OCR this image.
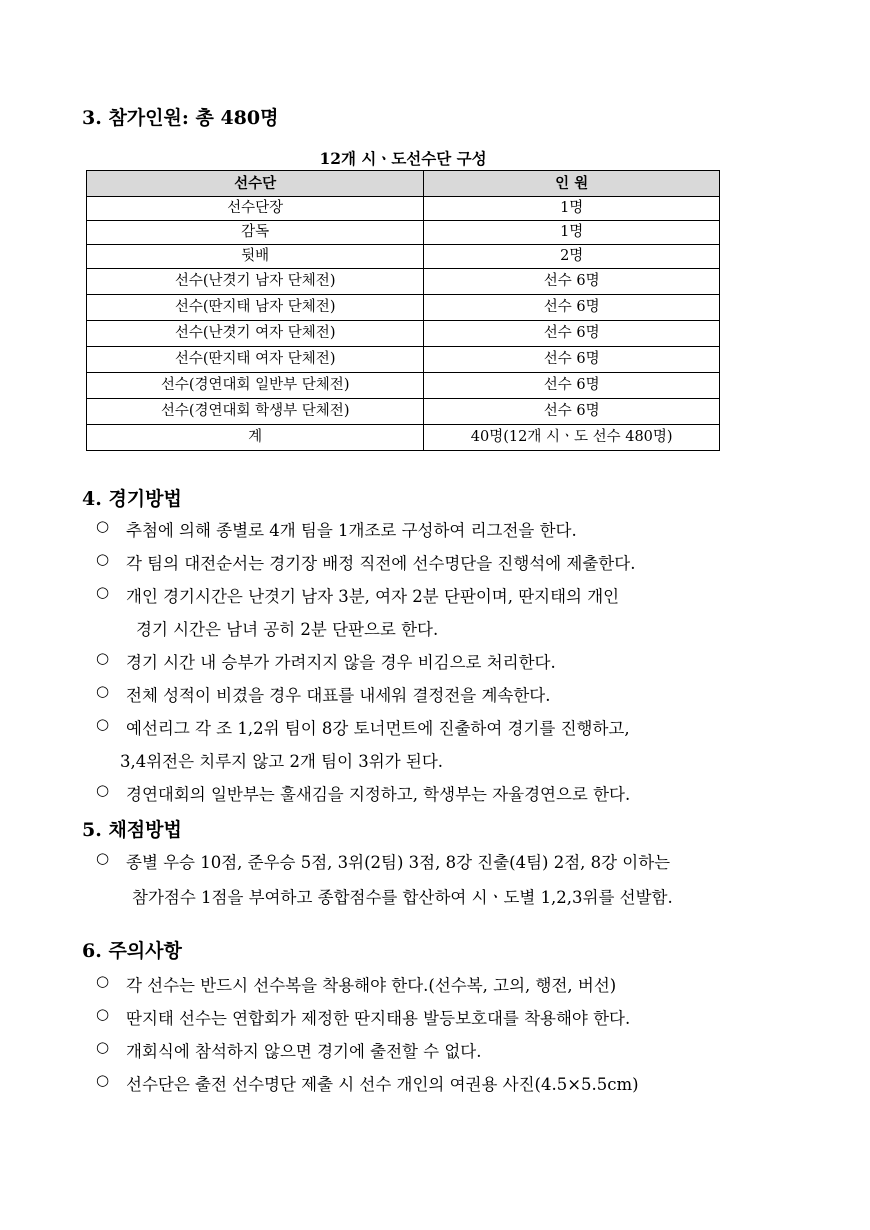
3. 참가인원: 총 480명
12개 시ㆍ도선수단 구성
선수단	인 원
선수단장	1명
감독	1명
뒷배	2명
선수(난겻기 남자 단체전)	선수 6명
선수(딴지태 남자 단체전)	선수 6명
선수(난겻기 여자 단체전)	선수 6명
선수(딴지태 여자 단체전)	선수 6명
선수(경연대회 일반부 단체전)	선수 6명
선수(경연대회 학생부 단체전)	선수 6명
계	40명(12개 시ㆍ도 선수 480명)
4. 경기방법
○ 추첨에 의해 종별로 4개 팀을 1개조로 구성하여 리그전을 한다.
○ 각 팀의 대전순서는 경기장 배정 직전에 선수명단을 진행석에 제출한다.
○ 개인 경기시간은 난겻기 남자 3분, 여자 2분 단판이며, 딴지태의 개인
경기 시간은 남녀 공히 2분 단판으로 한다.
○ 경기 시간 내 승부가 가려지지 않을 경우 비김으로 처리한다.
○ 전체 성적이 비겼을 경우 대표를 내세워 결정전을 계속한다.
○ 예선리그 각 조 1,2위 팀이 8강 토너먼트에 진출하여 경기를 진행하고,
3,4위전은 치루지 않고 2개 팀이 3위가 된다.
○ 경연대회의 일반부는 훌새김을 지정하고, 학생부는 자율경연으로 한다.
5. 채점방법
○ 종별 우승 10점, 준우승 5점, 3위(2팀) 3점, 8강 진출(4팀) 2점, 8강 이하는
참가점수 1점을 부여하고 종합점수를 합산하여 시ㆍ도별 1,2,3위를 선발함.
6. 주의사항
○ 각 선수는 반드시 선수복을 착용해야 한다.(선수복, 고의, 행전, 버선)
○ 딴지태 선수는 연합회가 제정한 딴지태용 발등보호대를 착용해야 한다.
○ 개회식에 참석하지 않으면 경기에 출전할 수 없다.
○ 선수단은 출전 선수명단 제출 시 선수 개인의 여권용 사진(4.5×5.5cm)
